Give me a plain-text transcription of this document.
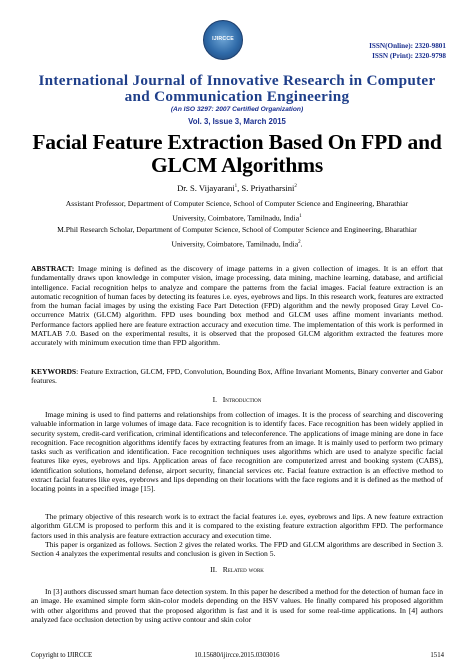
IJIRCCE
ISSN(Online): 2320-9801
ISSN (Print): 2320-9798
International Journal of Innovative Research in Computer
and Communication Engineering
(An ISO 3297: 2007 Certified Organization)
Vol. 3, Issue 3, March 2015
Facial Feature Extraction Based On FPD and
GLCM Algorithms
Dr. S. Vijayarani$^1$, S. Priyatharsini$^2$
Assistant Professor, Department of Computer Science, School of Computer Science and Engineering, Bharathiar
University, Coimbatore, Tamilnadu, India$^1$
M.Phil Research Scholar, Department of Computer Science, School of Computer Science and Engineering, Bharathiar
University, Coimbatore, Tamilnadu, India$^2$.
ABSTRACT: Image mining is defined as the discovery of image patterns in a given collection of images. It is an effort that fundamentally draws upon knowledge in computer vision, image processing, data mining, machine learning, database, and artificial intelligence. Facial recognition helps to analyze and compare the patterns from the facial images. Facial feature extraction is an automatic recognition of human faces by detecting its features i.e. eyes, eyebrows and lips. In this research work, features are extracted from the human facial images by using the existing Face Part Detection (FPD) algorithm and the newly proposed Gray Level Co-occurrence Matrix (GLCM) algorithm. FPD uses bounding box method and GLCM uses affine moment invariants method. Performance factors applied here are feature extraction accuracy and execution time. The implementation of this work is performed in MATLAB 7.0. Based on the experimental results, it is observed that the proposed GLCM algorithm extracted the features more accurately with minimum execution time than FPD algorithm.
KEYWORDS: Feature Extraction, GLCM, FPD, Convolution, Bounding Box, Affine Invariant Moments, Binary converter and Gabor features.
I. Introduction
Image mining is used to find patterns and relationships from collection of images. It is the process of searching and discovering valuable information in large volumes of image data. Face recognition is to identify faces. Face recognition has been widely applied in security system, credit-card verification, criminal identifications and teleconference. The applications of image mining are done in face recognition. Face recognition algorithms identify faces by extracting features from an image. It is mainly used to perform two primary tasks such as verification and identification. Face recognition techniques uses algorithms which are used to analyze specific facial features like eyes, eyebrows and lips. Application areas of face recognition are computerized arrest and booking system (CABS), identification solutions, homeland defense, airport security, financial services etc. Facial feature extraction is an effective method to extract facial features like eyes, eyebrows and lips depending on their locations with the face regions and it is defined as the method of locating points in a specified image [15].
The primary objective of this research work is to extract the facial features i.e. eyes, eyebrows and lips. A new feature extraction algorithm GLCM is proposed to perform this and it is compared to the existing feature extraction algorithm FPD. The performance factors used in this analysis are feature extraction accuracy and execution time.
This paper is organized as follows. Section 2 gives the related works. The FPD and GLCM algorithms are described in Section 3. Section 4 analyzes the experimental results and conclusion is given in Section 5.
II. Related work
In [3] authors discussed smart human face detection system. In this paper he described a method for the detection of human face in an image. He examined simple form skin-color models depending on the HSV values. He finally compared his proposed algorithm with other algorithms and proved that the proposed algorithm is fast and it is used for some real-time applications. In [4] authors analyzed face occlusion detection by using active contour and skin color
Copyright to IJIRCCE	10.15680/ijircce.2015.0303016	1514
